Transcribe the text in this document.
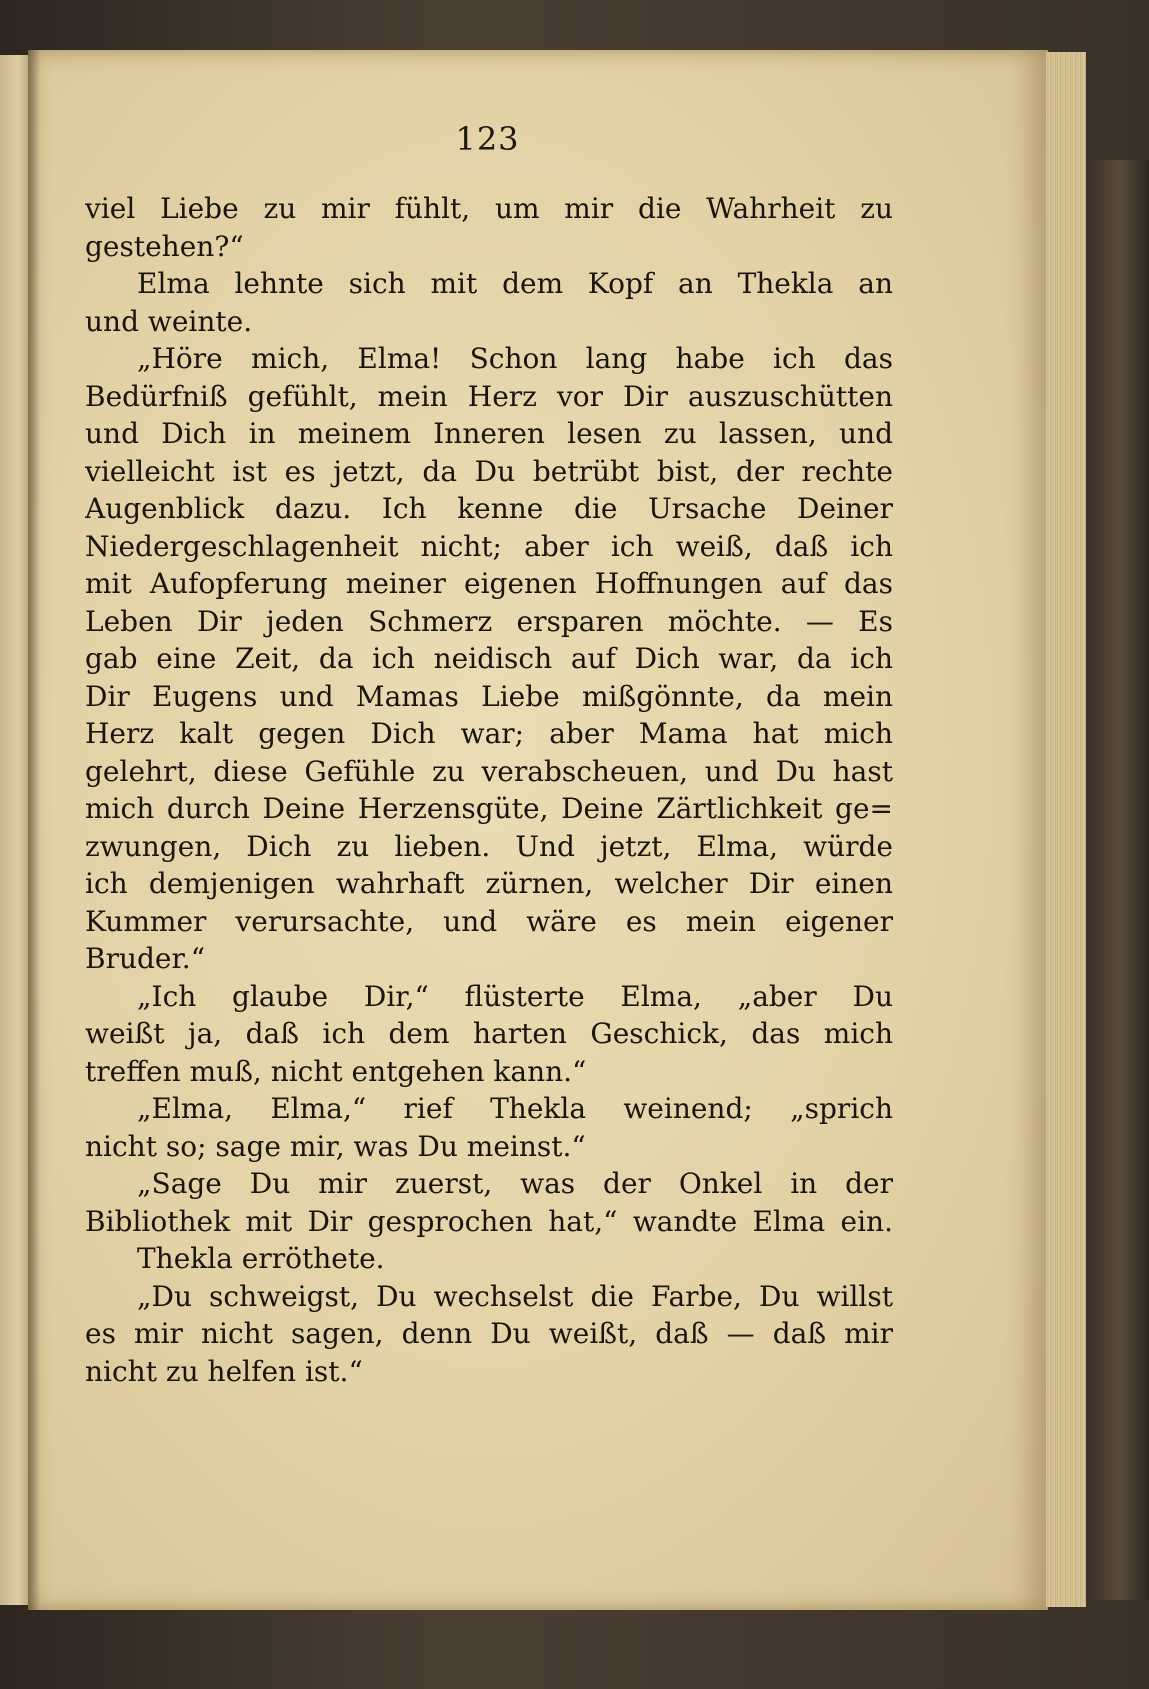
123
viel Liebe zu mir fühlt, um mir die Wahrheit zu
gestehen?“
Elma lehnte sich mit dem Kopf an Thekla an
und weinte.
„Höre mich, Elma! Schon lang habe ich das
Bedürfniß gefühlt, mein Herz vor Dir auszuschütten
und Dich in meinem Inneren lesen zu lassen, und
vielleicht ist es jetzt, da Du betrübt bist, der rechte
Augenblick dazu. Ich kenne die Ursache Deiner
Niedergeschlagenheit nicht; aber ich weiß, daß ich
mit Aufopferung meiner eigenen Hoffnungen auf das
Leben Dir jeden Schmerz ersparen möchte. — Es
gab eine Zeit, da ich neidisch auf Dich war, da ich
Dir Eugens und Mamas Liebe mißgönnte, da mein
Herz kalt gegen Dich war; aber Mama hat mich
gelehrt, diese Gefühle zu verabscheuen, und Du hast
mich durch Deine Herzensgüte, Deine Zärtlichkeit ge=
zwungen, Dich zu lieben. Und jetzt, Elma, würde
ich demjenigen wahrhaft zürnen, welcher Dir einen
Kummer verursachte, und wäre es mein eigener
Bruder.“
„Ich glaube Dir,“ flüsterte Elma, „aber Du
weißt ja, daß ich dem harten Geschick, das mich
treffen muß, nicht entgehen kann.“
„Elma, Elma,“ rief Thekla weinend; „sprich
nicht so; sage mir, was Du meinst.“
„Sage Du mir zuerst, was der Onkel in der
Bibliothek mit Dir gesprochen hat,“ wandte Elma ein.
Thekla erröthete.
„Du schweigst, Du wechselst die Farbe, Du willst
es mir nicht sagen, denn Du weißt, daß — daß mir
nicht zu helfen ist.“
